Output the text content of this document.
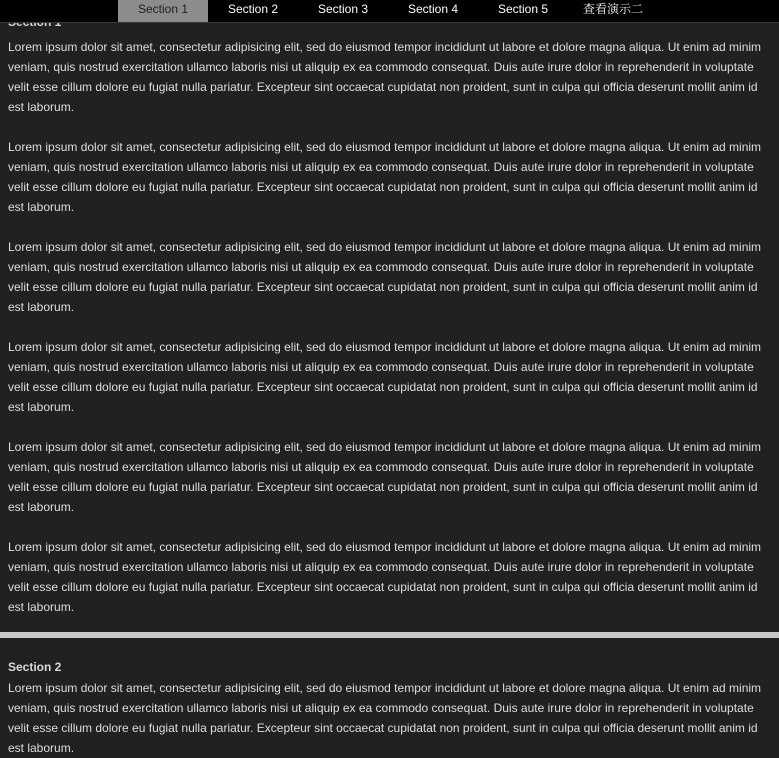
Lorem ipsum dolor sit amet, consectetur adipisicing elit, sed do eiusmod tempor incididunt ut labore et dolore magna aliqua. Ut enim ad minim veniam, quis nostrud exercitation ullamco laboris nisi ut aliquip ex ea commodo consequat. Duis aute irure dolor in reprehenderit in voluptate velit esse cillum dolore eu fugiat nulla pariatur. Excepteur sint occaecat cupidatat non proident, sunt in culpa qui officia deserunt mollit anim id est laborum.

Lorem ipsum dolor sit amet, consectetur adipisicing elit, sed do eiusmod tempor incididunt ut labore et dolore magna aliqua. Ut enim ad minim veniam, quis nostrud exercitation ullamco laboris nisi ut aliquip ex ea commodo consequat. Duis aute irure dolor in reprehenderit in voluptate velit esse cillum dolore eu fugiat nulla pariatur. Excepteur sint occaecat cupidatat non proident, sunt in culpa qui officia deserunt mollit anim id est laborum.

Lorem ipsum dolor sit amet, consectetur adipisicing elit, sed do eiusmod tempor incididunt ut labore et dolore magna aliqua. Ut enim ad minim veniam, quis nostrud exercitation ullamco laboris nisi ut aliquip ex ea commodo consequat. Duis aute irure dolor in reprehenderit in voluptate velit esse cillum dolore eu fugiat nulla pariatur. Excepteur sint occaecat cupidatat non proident, sunt in culpa qui officia deserunt mollit anim id est laborum.

Lorem ipsum dolor sit amet, consectetur adipisicing elit, sed do eiusmod tempor incididunt ut labore et dolore magna aliqua. Ut enim ad minim veniam, quis nostrud exercitation ullamco laboris nisi ut aliquip ex ea commodo consequat. Duis aute irure dolor in reprehenderit in voluptate velit esse cillum dolore eu fugiat nulla pariatur. Excepteur sint occaecat cupidatat non proident, sunt in culpa qui officia deserunt mollit anim id est laborum.

Lorem ipsum dolor sit amet, consectetur adipisicing elit, sed do eiusmod tempor incididunt ut labore et dolore magna aliqua. Ut enim ad minim veniam, quis nostrud exercitation ullamco laboris nisi ut aliquip ex ea commodo consequat. Duis aute irure dolor in reprehenderit in voluptate velit esse cillum dolore eu fugiat nulla pariatur. Excepteur sint occaecat cupidatat non proident, sunt in culpa qui officia deserunt mollit anim id est laborum.

Lorem ipsum dolor sit amet, consectetur adipisicing elit, sed do eiusmod tempor incididunt ut labore et dolore magna aliqua. Ut enim ad minim veniam, quis nostrud exercitation ullamco laboris nisi ut aliquip ex ea commodo consequat. Duis aute irure dolor in reprehenderit in voluptate velit esse cillum dolore eu fugiat nulla pariatur. Excepteur sint occaecat cupidatat non proident, sunt in culpa qui officia deserunt mollit anim id est laborum.

Section 2

Lorem ipsum dolor sit amet, consectetur adipisicing elit, sed do eiusmod tempor incididunt ut labore et dolore magna aliqua. Ut enim ad minim veniam, quis nostrud exercitation ullamco laboris nisi ut aliquip ex ea commodo consequat. Duis aute irure dolor in reprehenderit in voluptate velit esse cillum dolore eu fugiat nulla pariatur. Excepteur sint occaecat cupidatat non proident, sunt in culpa qui officia deserunt mollit anim id est laborum.

Section 1	Section 2	Section 3	Section 4	Section 5	查看演示二
